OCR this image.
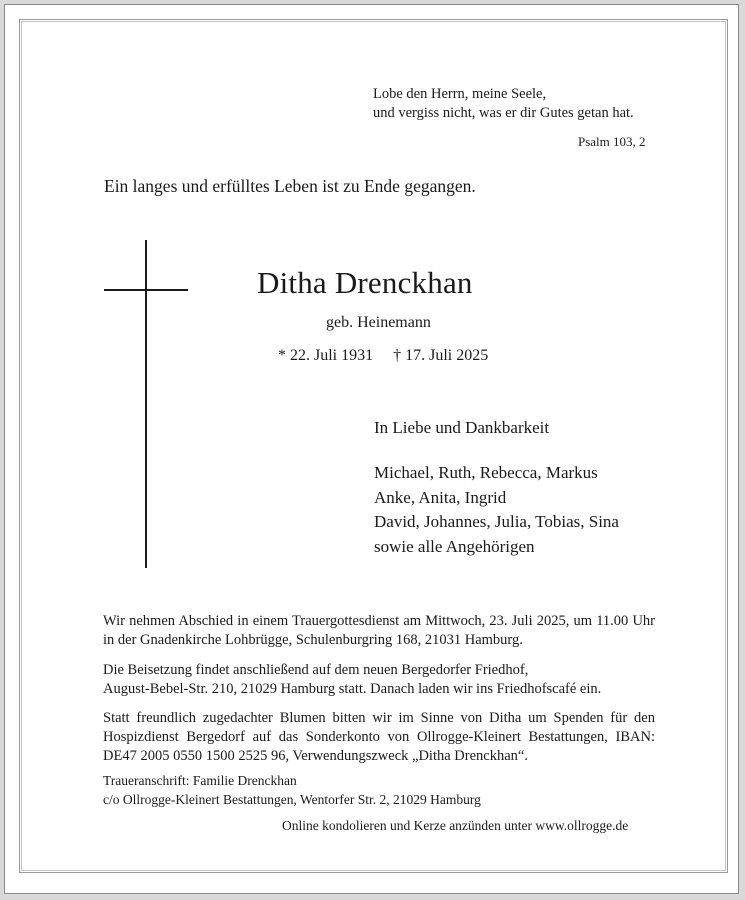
Lobe den Herrn, meine Seele,
und vergiss nicht, was er dir Gutes getan hat.
Psalm 103, 2
Ein langes und erfülltes Leben ist zu Ende gegangen.
Ditha Drenckhan
geb. Heinemann
* 22. Juli 1931 † 17. Juli 2025
In Liebe und Dankbarkeit
Michael, Ruth, Rebecca, Markus
Anke, Anita, Ingrid
David, Johannes, Julia, Tobias, Sina
sowie alle Angehörigen
Wir nehmen Abschied in einem Trauergottesdienst am Mittwoch, 23. Juli 2025, um 11.00 Uhr in der Gnadenkirche Lohbrügge, Schulenburgring 168, 21031 Hamburg.
Die Beisetzung findet anschließend auf dem neuen Bergedorfer Friedhof,
August-Bebel-Str. 210, 21029 Hamburg statt. Danach laden wir ins Friedhofscafé ein.
Statt freundlich zugedachter Blumen bitten wir im Sinne von Ditha um Spenden für den Hospizdienst Bergedorf auf das Sonderkonto von Ollrogge-Kleinert Bestattungen, IBAN: DE47 2005 0550 1500 2525 96, Verwendungszweck „Ditha Drenckhan“.
Traueranschrift: Familie Drenckhan
c/o Ollrogge-Kleinert Bestattungen, Wentorfer Str. 2, 21029 Hamburg
Online kondolieren und Kerze anzünden unter www.ollrogge.de
